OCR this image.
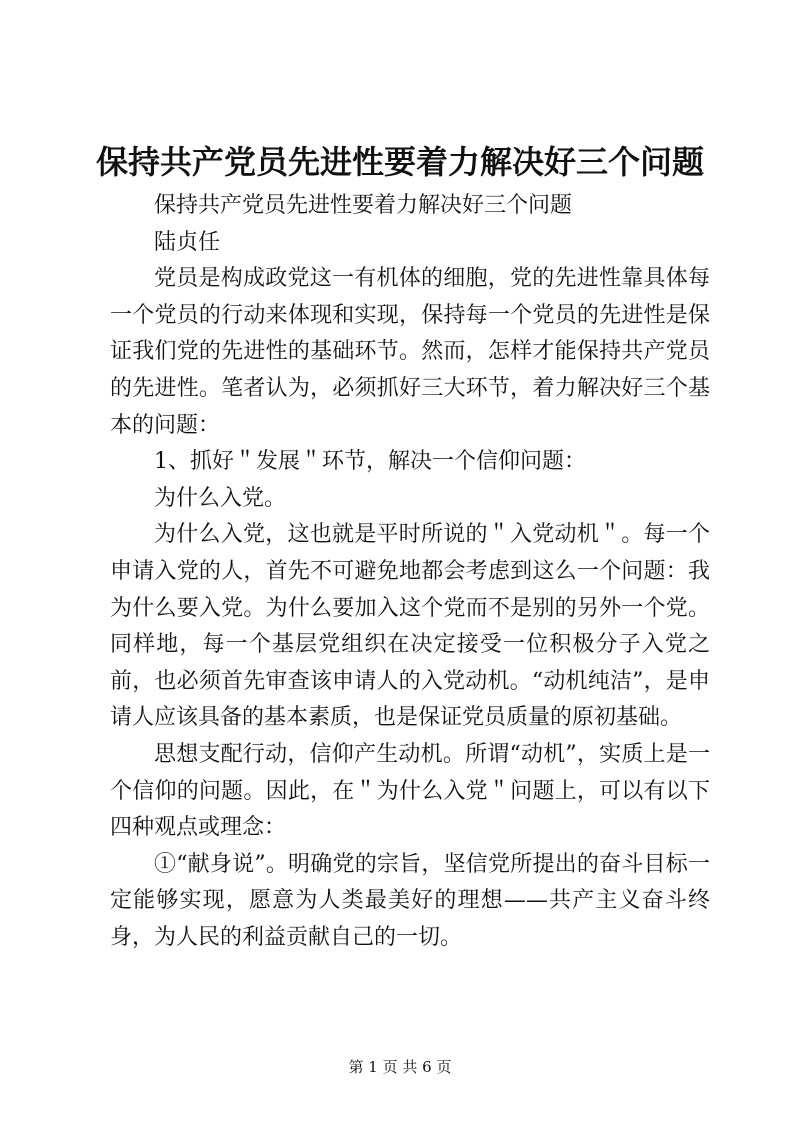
保持共产党员先进性要着力解决好三个问题

保持共产党员先进性要着力解决好三个问题

陆贞任

党员是构成政党这一有机体的细胞，党的先进性靠具体每一个党员的行动来体现和实现，保持每一个党员的先进性是保证我们党的先进性的基础环节。然而，怎样才能保持共产党员的先进性。笔者认为，必须抓好三大环节，着力解决好三个基本的问题：

1、抓好＂发展＂环节，解决一个信仰问题：

为什么入党。

为什么入党，这也就是平时所说的＂入党动机＂。每一个申请入党的人，首先不可避免地都会考虑到这么一个问题：我为什么要入党。为什么要加入这个党而不是别的另外一个党。同样地，每一个基层党组织在决定接受一位积极分子入党之前，也必须首先审查该申请人的入党动机。“动机纯洁”，是申请人应该具备的基本素质，也是保证党员质量的原初基础。

思想支配行动，信仰产生动机。所谓“动机”，实质上是一个信仰的问题。因此，在＂为什么入党＂问题上，可以有以下四种观点或理念：

①“献身说”。明确党的宗旨，坚信党所提出的奋斗目标一定能够实现，愿意为人类最美好的理想——共产主义奋斗终身，为人民的利益贡献自己的一切。

第 1 页 共 6 页
